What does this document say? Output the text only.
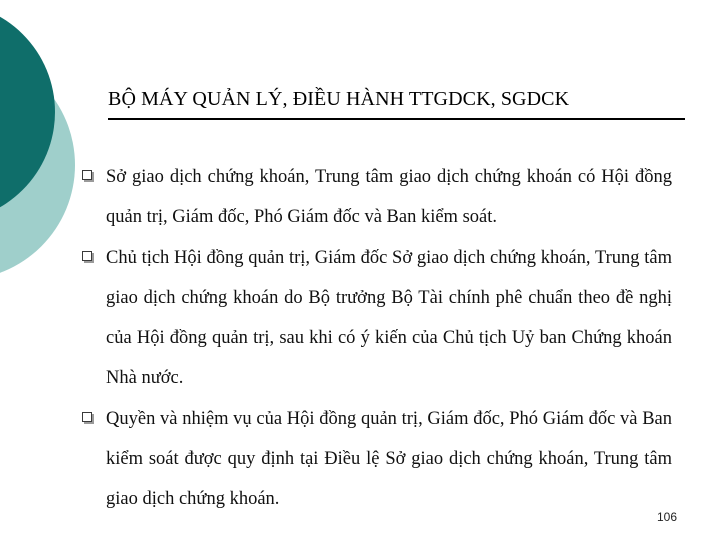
BỘ MÁY QUẢN LÝ, ĐIỀU HÀNH TTGDCK, SGDCK
Sở giao dịch chứng khoán, Trung tâm giao dịch chứng khoán có Hội đồng quản trị, Giám đốc, Phó Giám đốc và Ban kiểm soát.
Chủ tịch Hội đồng quản trị, Giám đốc Sở giao dịch chứng khoán, Trung tâm giao dịch chứng khoán do Bộ trưởng Bộ Tài chính phê chuẩn theo đề nghị của Hội đồng quản trị, sau khi có ý kiến của Chủ tịch Uỷ ban Chứng khoán Nhà nước.
Quyền và nhiệm vụ của Hội đồng quản trị, Giám đốc, Phó Giám đốc và Ban kiểm soát được quy định tại Điều lệ Sở giao dịch chứng khoán, Trung tâm giao dịch chứng khoán.
106
